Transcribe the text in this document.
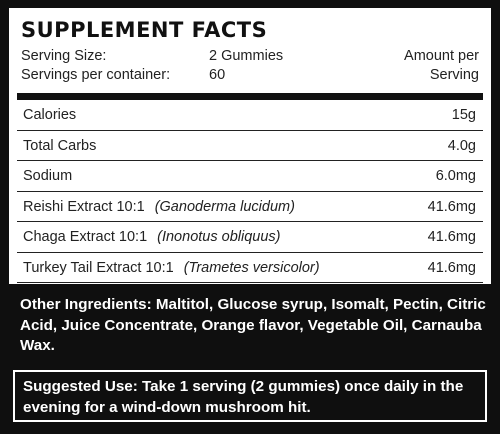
SUPPLEMENT FACTS
Serving Size:	2 Gummies	Amount per
Servings per container:	60	Serving
Calories	15g
Total Carbs	4.0g
Sodium	6.0mg
Reishi Extract 10:1 (Ganoderma lucidum)	41.6mg
Chaga Extract 10:1 (Inonotus obliquus)	41.6mg
Turkey Tail Extract 10:1 (Trametes versicolor)	41.6mg
Other Ingredients: Maltitol, Glucose syrup, Isomalt, Pectin, Citric Acid, Juice Concentrate, Orange flavor, Vegetable Oil, Carnauba Wax.
Suggested Use: Take 1 serving (2 gummies) once daily in the evening for a wind-down mushroom hit.
